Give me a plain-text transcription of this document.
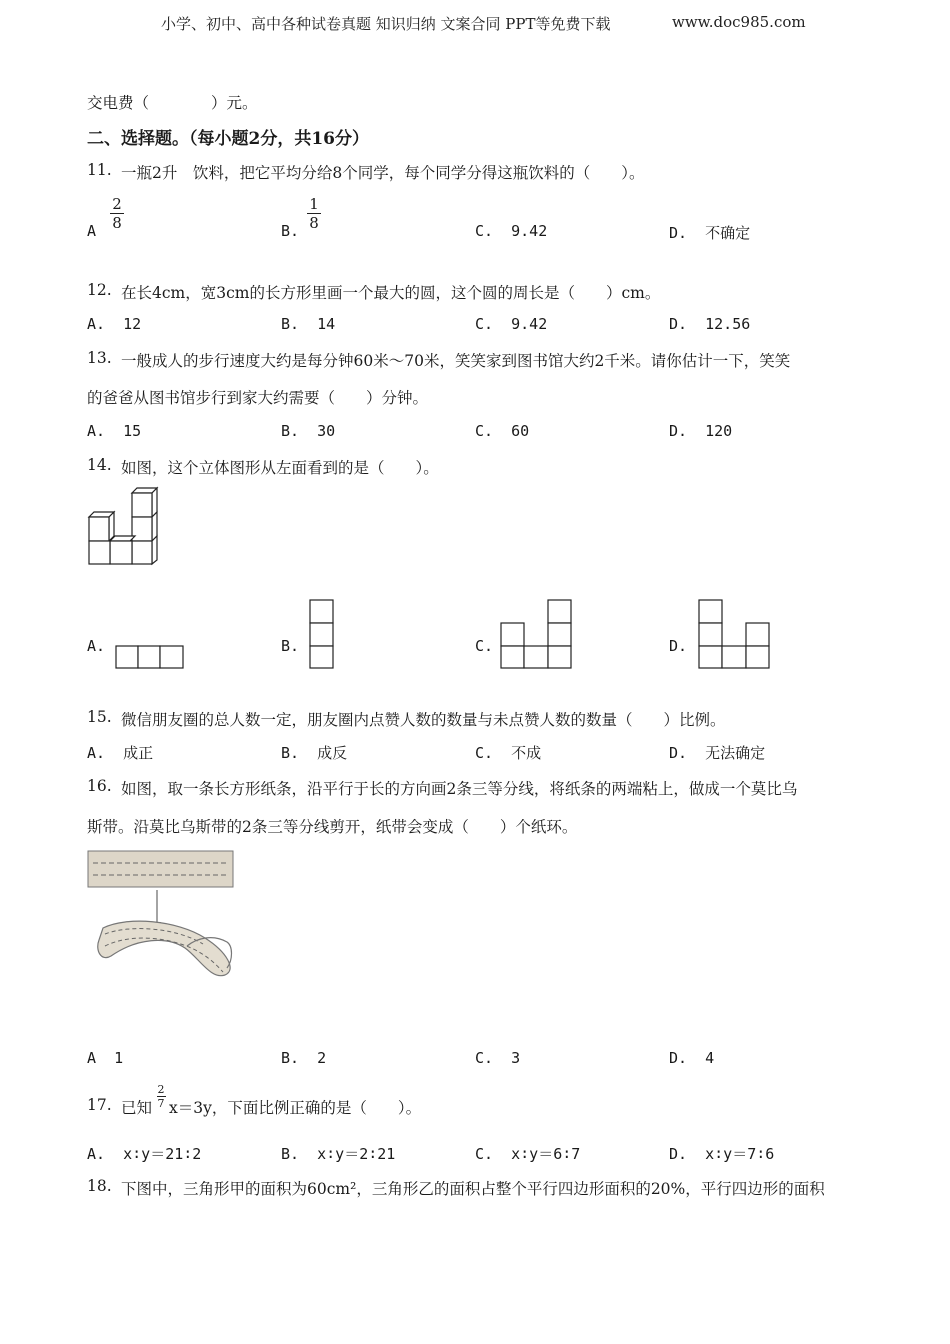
小学、初中、高中各种试卷真题 知识归纳 文案合同 PPT等免费下载	www.doc985.com
交电费（　　　　）元。
二、选择题。（每小题2分，共16分）
11. 一瓶2升　饮料，把它平均分给8个同学，每个同学分得这瓶饮料的（　　）。
A
2
8	B.
1
8	C. 9.42	D. 不确定
12. 在长4cm，宽3cm的长方形里画一个最大的圆，这个圆的周长是（　　）cm。
A. 12	B. 14	C. 9.42	D. 12.56
13. 一般成人的步行速度大约是每分钟60米～70米，笑笑家到图书馆大约2千米。请你估计一下，笑笑
的爸爸从图书馆步行到家大约需要（　　）分钟。
A. 15	B. 30	C. 60	D. 120
14. 如图，这个立体图形从左面看到的是（　　）。
A.	B.	C.	D.
15. 微信朋友圈的总人数一定，朋友圈内点赞人数的数量与未点赞人数的数量（　　）比例。
A. 成正	B. 成反	C. 不成	D. 无法确定
16. 如图，取一条长方形纸条，沿平行于长的方向画2条三等分线，将纸条的两端粘上，做成一个莫比乌
斯带。沿莫比乌斯带的2条三等分线剪开，纸带会变成（　　）个纸环。
A 1	B. 2	C. 3	D. 4
17. 已知
2
7 x＝3y，下面比例正确的是（　　）。
A. x∶y＝21∶2	B. x∶y＝2∶21	C. x∶y＝6∶7	D. x∶y＝7∶6
18. 下图中，三角形甲的面积为60cm²，三角形乙的面积占整个平行四边形面积的20%，平行四边形的面积
